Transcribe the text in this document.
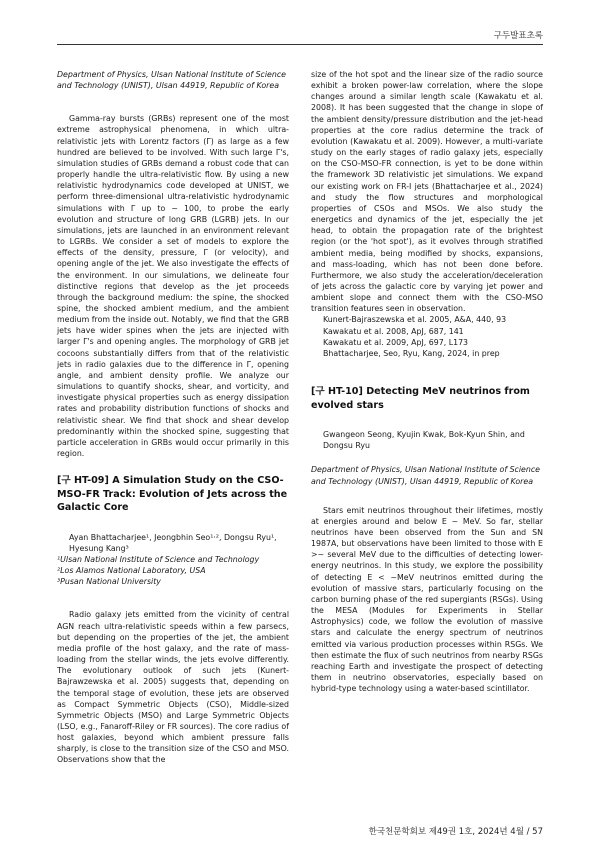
구두발표초록

Department of Physics, Ulsan National Institute of Science and Technology (UNIST), Ulsan 44919, Republic of Korea

Gamma-ray bursts (GRBs) represent one of the most extreme astrophysical phenomena, in which ultra-relativistic jets with Lorentz factors (Γ) as large as a few hundred are believed to be involved. With such large Γ's, simulation studies of GRBs demand a robust code that can properly handle the ultra-relativistic flow. By using a new relativistic hydrodynamics code developed at UNIST, we perform three-dimensional ultra-relativistic hydrodynamic simulations with Γ up to ~ 100, to probe the early evolution and structure of long GRB (LGRB) jets. In our simulations, jets are launched in an environment relevant to LGRBs. We consider a set of models to explore the effects of the density, pressure, Γ (or velocity), and opening angle of the jet. We also investigate the effects of the environment. In our simulations, we delineate four distinctive regions that develop as the jet proceeds through the background medium: the spine, the shocked spine, the shocked ambient medium, and the ambient medium from the inside out. Notably, we find that the GRB jets have wider spines when the jets are injected with larger Γ's and opening angles. The morphology of GRB jet cocoons substantially differs from that of the relativistic jets in radio galaxies due to the difference in Γ, opening angle, and ambient density profile. We analyze our simulations to quantify shocks, shear, and vorticity, and investigate physical properties such as energy dissipation rates and probability distribution functions of shocks and relativistic shear. We find that shock and shear develop predominantly within the shocked spine, suggesting that particle acceleration in GRBs would occur primarily in this region.

[구 HT-09] A Simulation Study on the CSO-MSO-FR Track: Evolution of Jets across the Galactic Core

Ayan Bhattacharjee¹, Jeongbhin Seo¹·², Dongsu Ryu¹,

Hyesung Kang³

¹Ulsan National Institute of Science and Technology
²Los Alamos National Laboratory, USA
³Pusan National University

Radio galaxy jets emitted from the vicinity of central AGN reach ultra-relativistic speeds within a few parsecs, but depending on the properties of the jet, the ambient media profile of the host galaxy, and the rate of mass-loading from the stellar winds, the jets evolve differently. The evolutionary outlook of such jets (Kunert-Bajrawzewska et al. 2005) suggests that, depending on the temporal stage of evolution, these jets are observed as Compact Symmetric Objects (CSO), Middle-sized Symmetric Objects (MSO) and Large Symmetric Objects (LSO, e.g., Fanaroff-Riley or FR sources). The core radius of host galaxies, beyond which ambient pressure falls sharply, is close to the transition size of the CSO and MSO. Observations show that the

size of the hot spot and the linear size of the radio source exhibit a broken power-law correlation, where the slope changes around a similar length scale (Kawakatu et al. 2008). It has been suggested that the change in slope of the ambient density/pressure distribution and the jet-head properties at the core radius determine the track of evolution (Kawakatu et al. 2009). However, a multi-variate study on the early stages of radio galaxy jets, especially on the CSO-MSO-FR connection, is yet to be done within the framework 3D relativistic jet simulations. We expand our existing work on FR-I jets (Bhattacharjee et al., 2024) and study the flow structures and morphological properties of CSOs and MSOs. We also study the energetics and dynamics of the jet, especially the jet head, to obtain the propagation rate of the brightest region (or the 'hot spot'), as it evolves through stratified ambient media, being modified by shocks, expansions, and mass-loading, which has not been done before. Furthermore, we also study the acceleration/deceleration of jets across the galactic core by varying jet power and ambient slope and connect them with the CSO-MSO transition features seen in observation.

Kunert-Bajraszewska et al. 2005, A&A, 440, 93
Kawakatu et al. 2008, ApJ, 687, 141
Kawakatu et al. 2009, ApJ, 697, L173
Bhattacharjee, Seo, Ryu, Kang, 2024, in prep

[구 HT-10] Detecting MeV neutrinos from evolved stars

Gwangeon Seong, Kyujin Kwak, Bok-Kyun Shin, and Dongsu Ryu

Department of Physics, Ulsan National Institute of Science and Technology (UNIST), Ulsan 44919, Republic of Korea

Stars emit neutrinos throughout their lifetimes, mostly at energies around and below E ~ MeV. So far, stellar neutrinos have been observed from the Sun and SN 1987A, but observations have been limited to those with E >~ several MeV due to the difficulties of detecting lower-energy neutrinos. In this study, we explore the possibility of detecting E < ~MeV neutrinos emitted during the evolution of massive stars, particularly focusing on the carbon burning phase of the red supergiants (RSGs). Using the MESA (Modules for Experiments in Stellar Astrophysics) code, we follow the evolution of massive stars and calculate the energy spectrum of neutrinos emitted via various production processes within RSGs. We then estimate the flux of such neutrinos from nearby RSGs reaching Earth and investigate the prospect of detecting them in neutrino observatories, especially based on hybrid-type technology using a water-based scintillator.

한국천문학회보 제49권 1호, 2024년 4월 / 57
